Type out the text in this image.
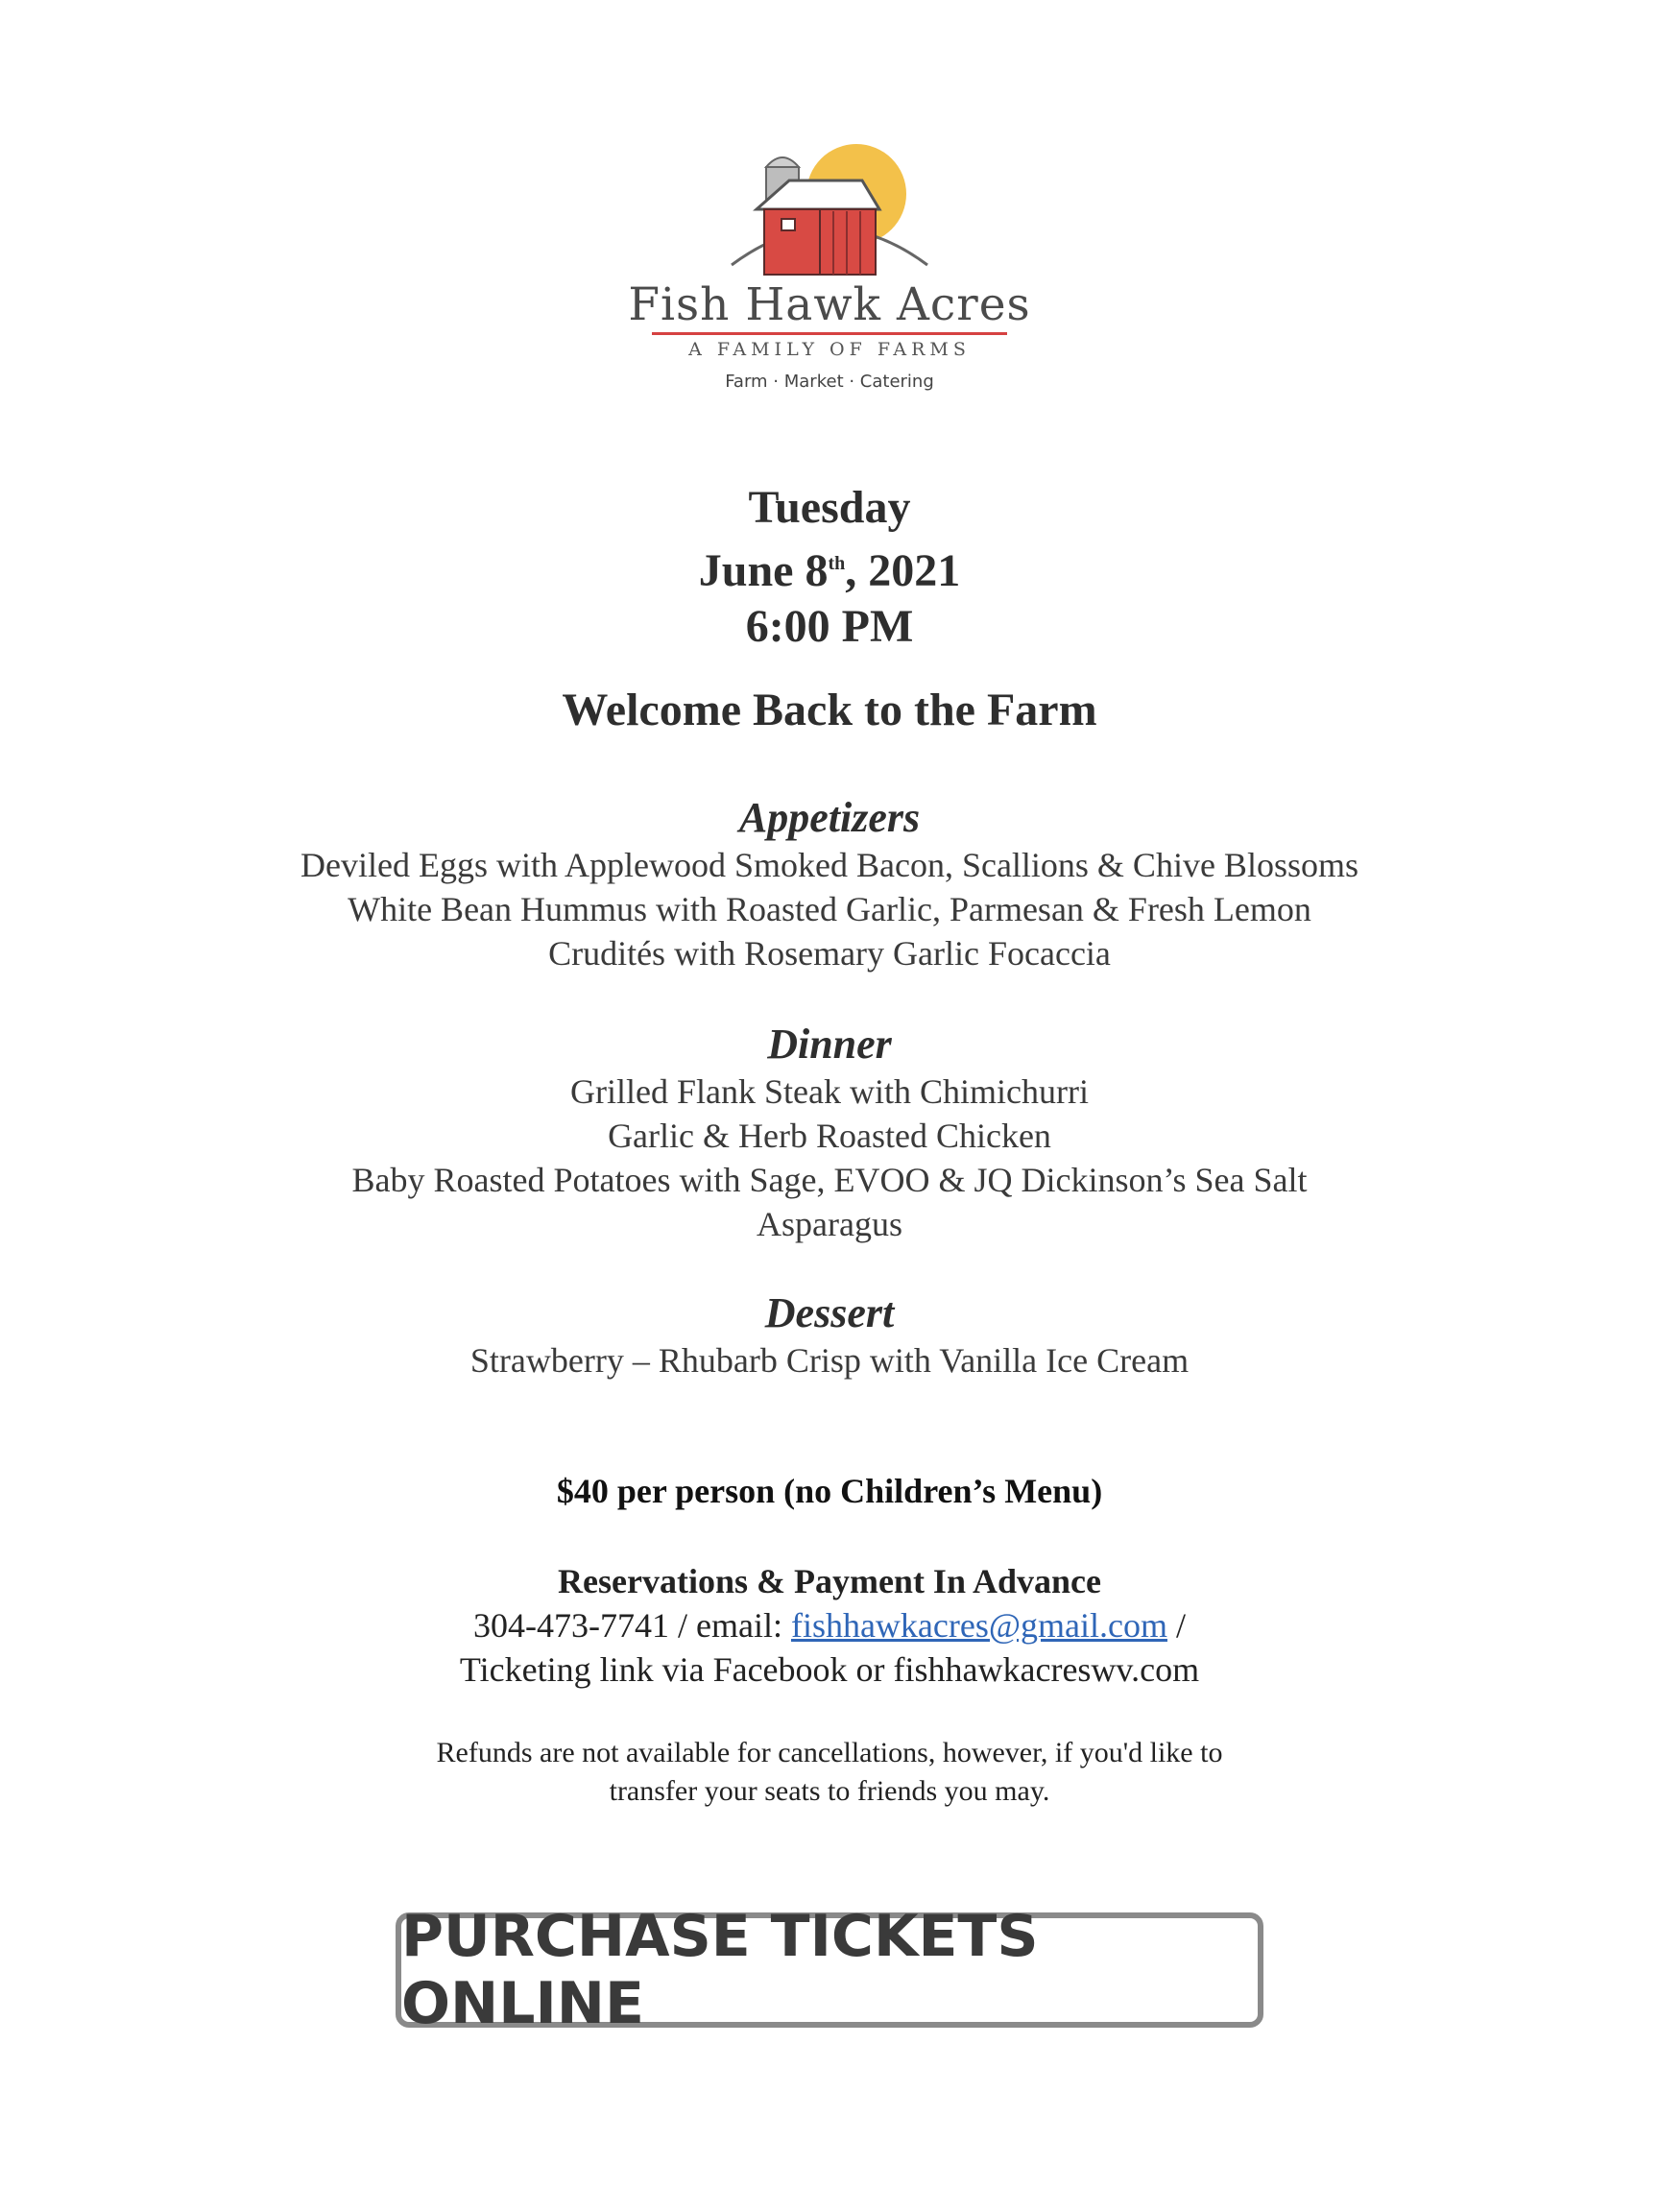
Fish Hawk Acres
A FAMILY OF FARMS
Farm · Market · Catering
Tuesday
June 8th, 2021
6:00 PM
Welcome Back to the Farm
Appetizers
Deviled Eggs with Applewood Smoked Bacon, Scallions & Chive Blossoms
White Bean Hummus with Roasted Garlic, Parmesan & Fresh Lemon
Crudités with Rosemary Garlic Focaccia
Dinner
Grilled Flank Steak with Chimichurri
Garlic & Herb Roasted Chicken
Baby Roasted Potatoes with Sage, EVOO & JQ Dickinson’s Sea Salt
Asparagus
Dessert
Strawberry – Rhubarb Crisp with Vanilla Ice Cream
$40 per person (no Children’s Menu)
Reservations & Payment In Advance
304-473-7741 / email: fishhawkacres@gmail.com /
Ticketing link via Facebook or fishhawkacreswv.com
Refunds are not available for cancellations, however, if you'd like to
transfer your seats to friends you may.
PURCHASE TICKETS ONLINE
